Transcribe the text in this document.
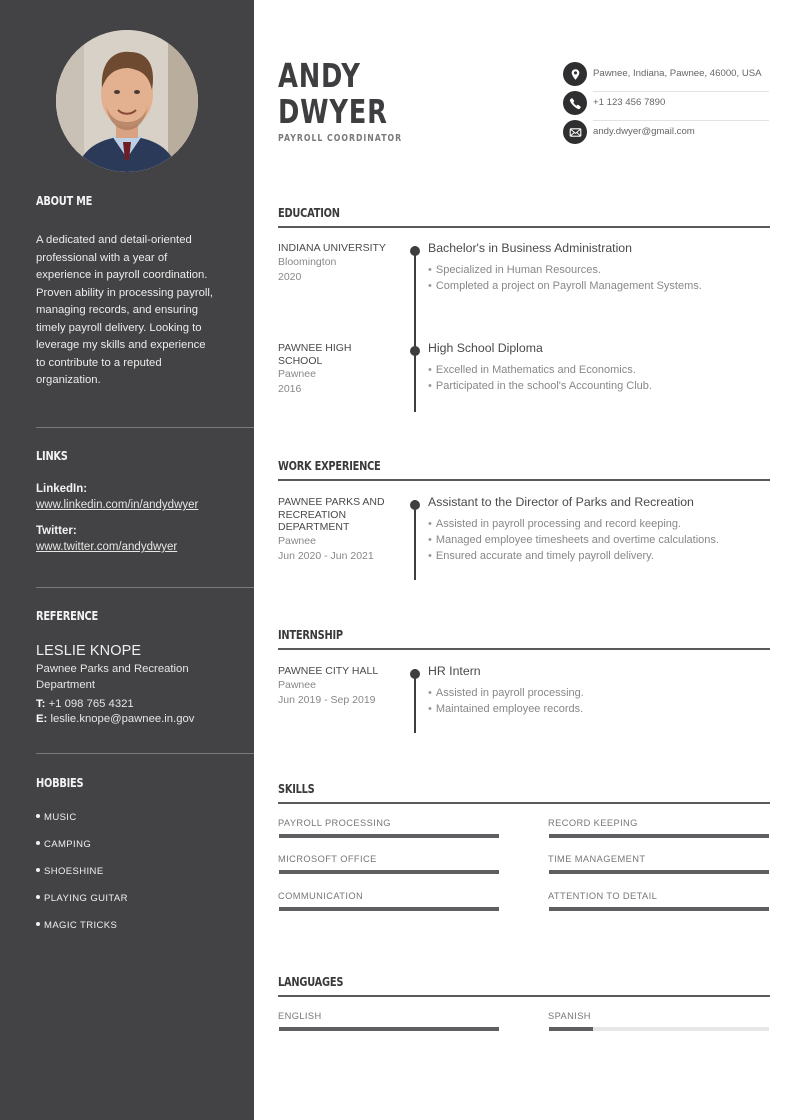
ABOUT ME

A dedicated and detail-oriented professional with a year of experience in payroll coordination. Proven ability in processing payroll, managing records, and ensuring timely payroll delivery. Looking to leverage my skills and experience to contribute to a reputed organization.

LINKS
LinkedIn:
www.linkedin.com/in/andydwyer
Twitter:
www.twitter.com/andydwyer
REFERENCE
LESLIE KNOPE
Pawnee Parks and Recreation Department
T: +1 098 765 4321
E: leslie.knope@pawnee.in.gov
HOBBIES
MUSIC
CAMPING
SHOESHINE
PLAYING GUITAR
MAGIC TRICKS
ANDY
DWYER
PAYROLL COORDINATOR
Pawnee, Indiana, Pawnee, 46000, USA
+1 123 456 7890
andy.dwyer@gmail.com
EDUCATION
INDIANA UNIVERSITY
Bloomington
2020
Bachelor's in Business Administration
• Specialized in Human Resources.
• Completed a project on Payroll Management Systems.
PAWNEE HIGH SCHOOL
Pawnee
2016
High School Diploma
• Excelled in Mathematics and Economics.
• Participated in the school's Accounting Club.
WORK EXPERIENCE
PAWNEE PARKS AND RECREATION DEPARTMENT
Pawnee
Jun 2020 - Jun 2021
Assistant to the Director of Parks and Recreation
• Assisted in payroll processing and record keeping.
• Managed employee timesheets and overtime calculations.
• Ensured accurate and timely payroll delivery.
INTERNSHIP
PAWNEE CITY HALL
Pawnee
Jun 2019 - Sep 2019
HR Intern
• Assisted in payroll processing.
• Maintained employee records.
SKILLS
PAYROLL PROCESSING	RECORD KEEPING
MICROSOFT OFFICE	TIME MANAGEMENT
COMMUNICATION	ATTENTION TO DETAIL
LANGUAGES
ENGLISH	SPANISH
